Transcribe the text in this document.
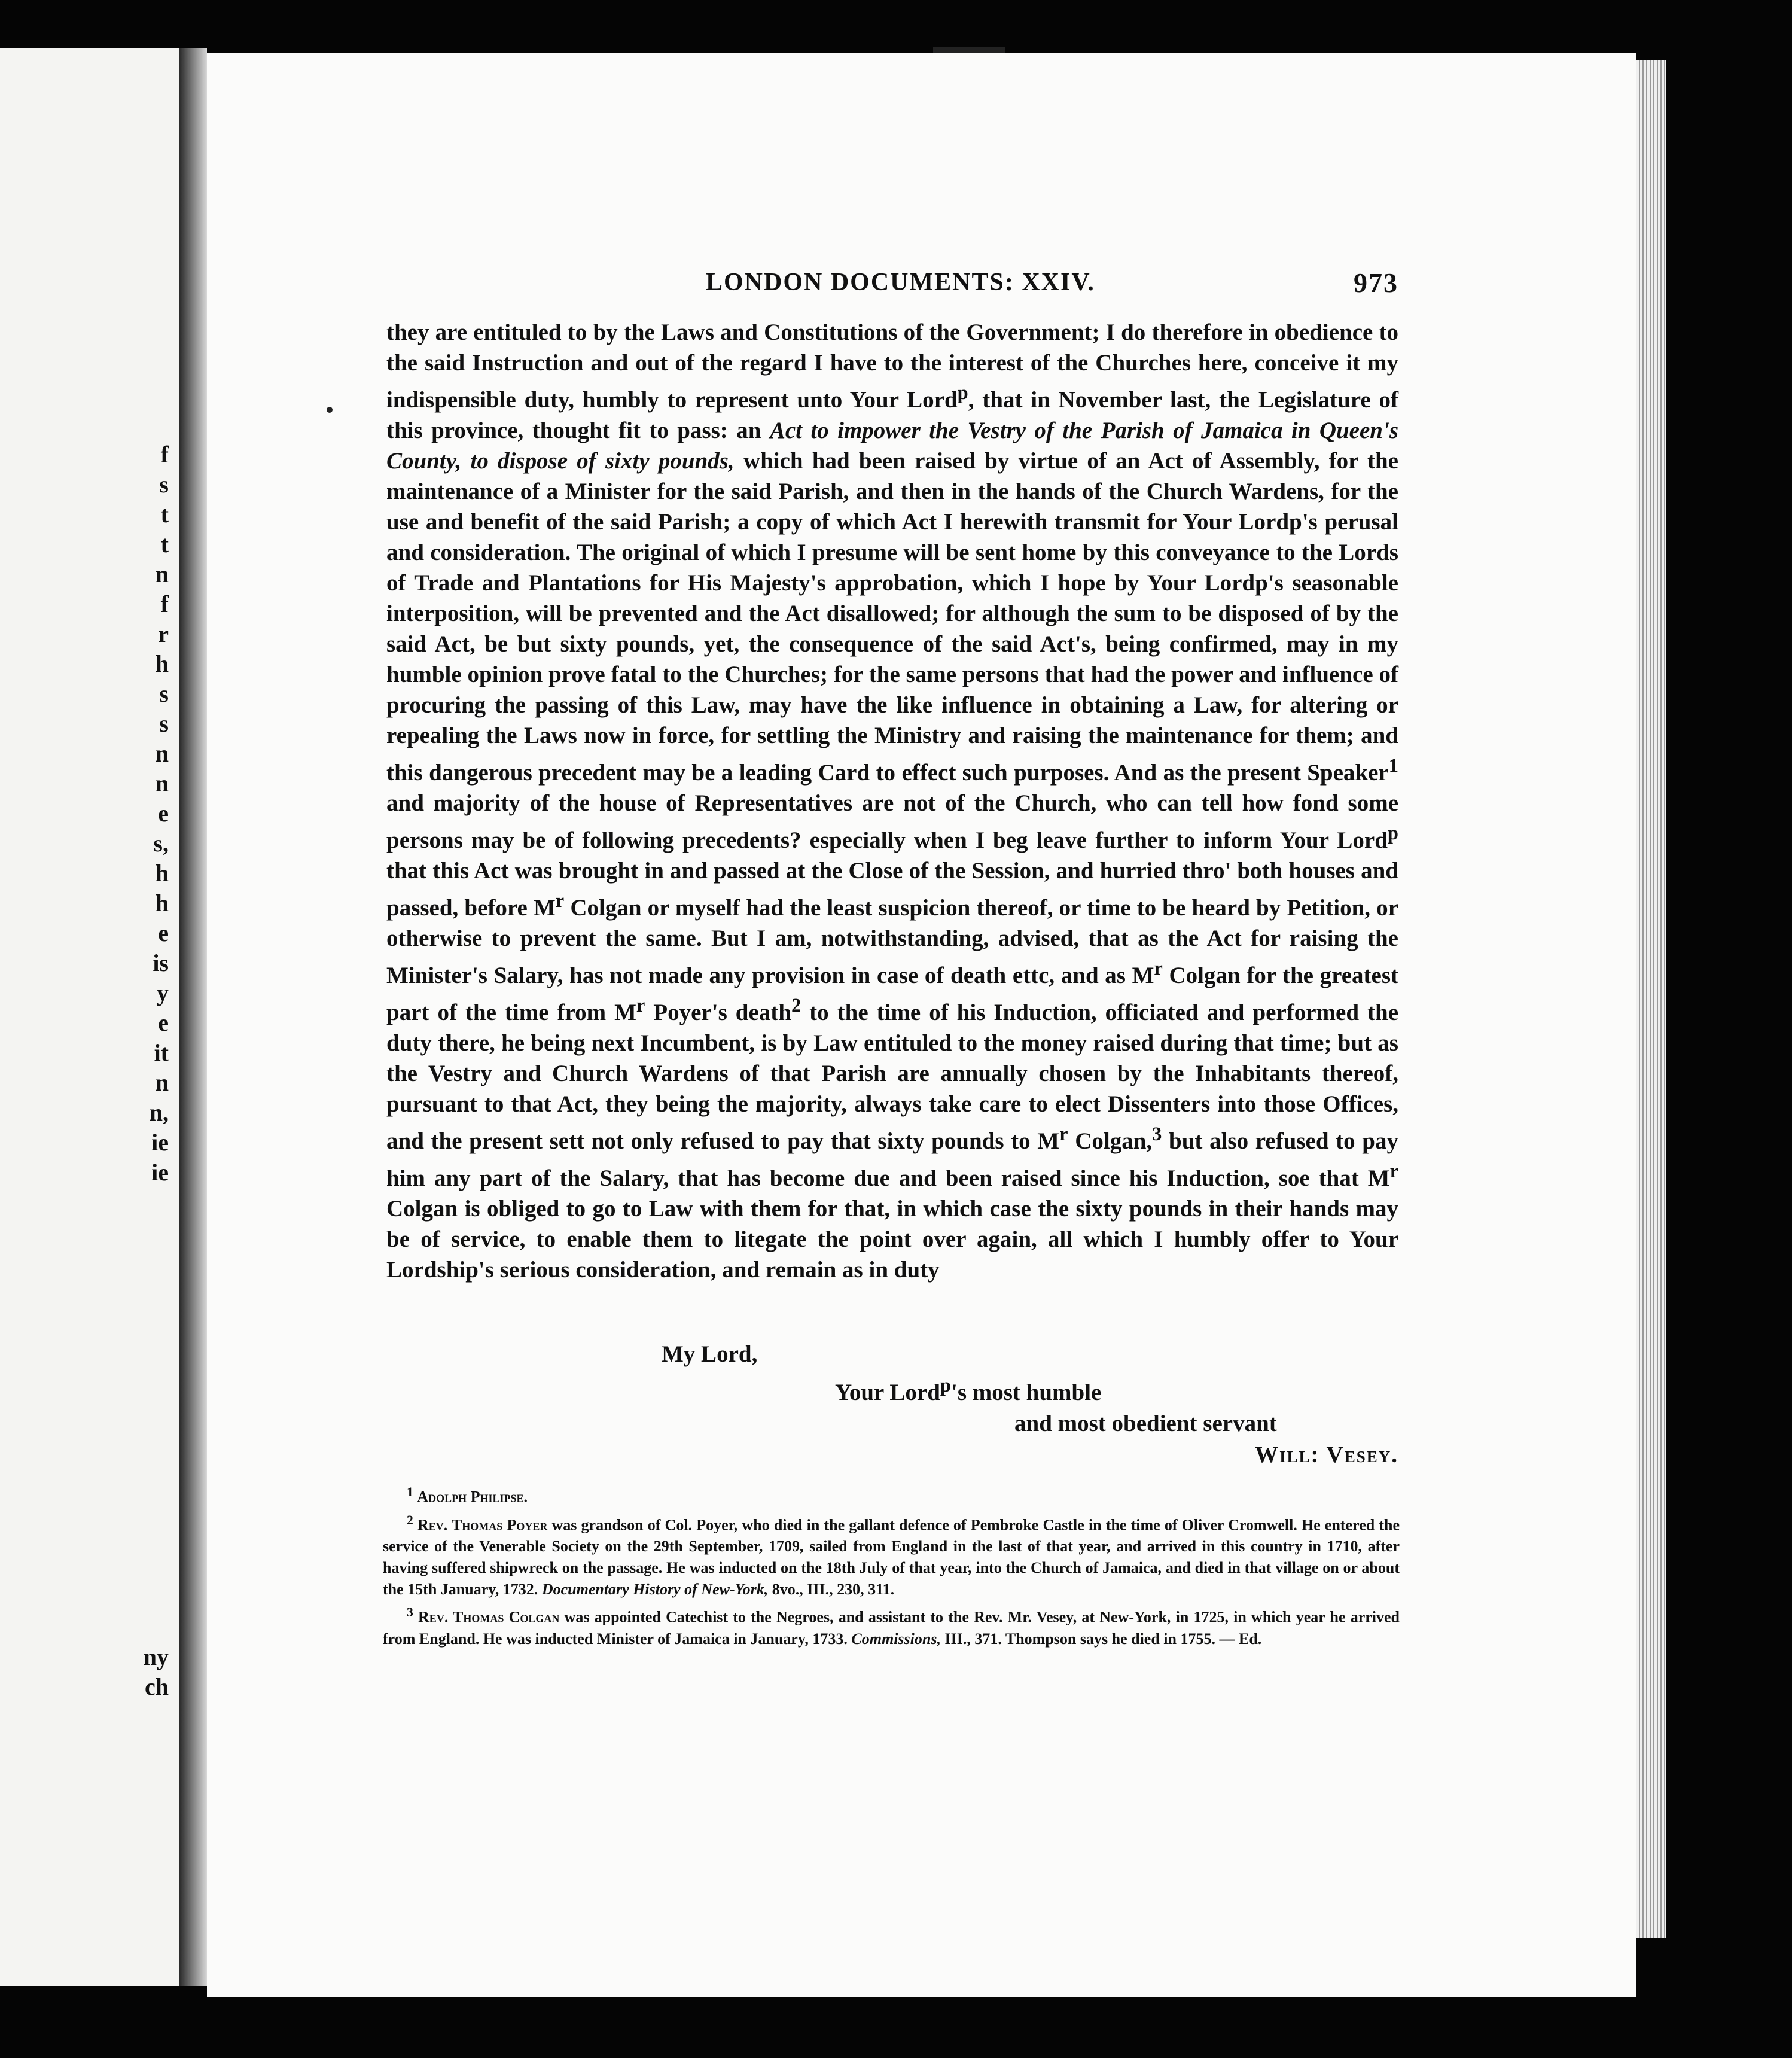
f
s
t
t
n
f
r
h
s
s
n
n
e
s,
h
h
e
is
y
e
it
n
n,
ie
ie
ny
ch
LONDON DOCUMENTS: XXIV.	973

they are entituled to by the Laws and Constitutions of the Government; I do therefore in obedience to the said Instruction and out of the regard I have to the interest of the Churches here, conceive it my indispensible duty, humbly to represent unto Your Lord$^p$, that in November last, the Legislature of this province, thought fit to pass: an Act to impower the Vestry of the Parish of Jamaica in Queen's County, to dispose of sixty pounds, which had been raised by virtue of an Act of Assembly, for the maintenance of a Minister for the said Parish, and then in the hands of the Church Wardens, for the use and benefit of the said Parish; a copy of which Act I herewith transmit for Your Lordp's perusal and consideration. The original of which I presume will be sent home by this conveyance to the Lords of Trade and Plantations for His Majesty's approbation, which I hope by Your Lordp's seasonable interposition, will be prevented and the Act disallowed; for although the sum to be disposed of by the said Act, be but sixty pounds, yet, the consequence of the said Act's, being confirmed, may in my humble opinion prove fatal to the Churches; for the same persons that had the power and influence of procuring the passing of this Law, may have the like influence in obtaining a Law, for altering or repealing the Laws now in force, for settling the Ministry and raising the maintenance for them; and this dangerous precedent may be a leading Card to effect such purposes. And as the present Speaker$^1$ and majority of the house of Representatives are not of the Church, who can tell how fond some persons may be of following precedents? especially when I beg leave further to inform Your Lord$^p$ that this Act was brought in and passed at the Close of the Session, and hurried thro' both houses and passed, before $M^r$ Colgan or myself had the least suspicion thereof, or time to be heard by Petition, or otherwise to prevent the same. But I am, notwithstanding, advised, that as the Act for raising the Minister's Salary, has not made any provision in case of death ettc, and as $M^r$ Colgan for the greatest part of the time from $M^r$ Poyer's death$^2$ to the time of his Induction, officiated and performed the duty there, he being next Incumbent, is by Law entituled to the money raised during that time; but as the Vestry and Church Wardens of that Parish are annually chosen by the Inhabitants thereof, pursuant to that Act, they being the majority, always take care to elect Dissenters into those Offices, and the present sett not only refused to pay that sixty pounds to $M^r$ Colgan,$^3$ but also refused to pay him any part of the Salary, that has become due and been raised since his Induction, soe that $M^r$ Colgan is obliged to go to Law with them for that, in which case the sixty pounds in their hands may be of service, to enable them to litegate the point over again, all which I humbly offer to Your Lordship's serious consideration, and remain as in duty

My Lord,
Your Lord$^p$'s most humble
and most obedient servant
Will: Vesey.

$^1$ Adolph Philipse.

$^2$ Rev. Thomas Poyer was grandson of Col. Poyer, who died in the gallant defence of Pembroke Castle in the time of Oliver Cromwell. He entered the service of the Venerable Society on the 29th September, 1709, sailed from England in the last of that year, and arrived in this country in 1710, after having suffered shipwreck on the passage. He was inducted on the 18th July of that year, into the Church of Jamaica, and died in that village on or about the 15th January, 1732. Documentary History of New-York, 8vo., III., 230, 311.

$^3$ Rev. Thomas Colgan was appointed Catechist to the Negroes, and assistant to the Rev. Mr. Vesey, at New-York, in 1725, in which year he arrived from England. He was inducted Minister of Jamaica in January, 1733. Commissions, III., 371. Thompson says he died in 1755. — Ed.
